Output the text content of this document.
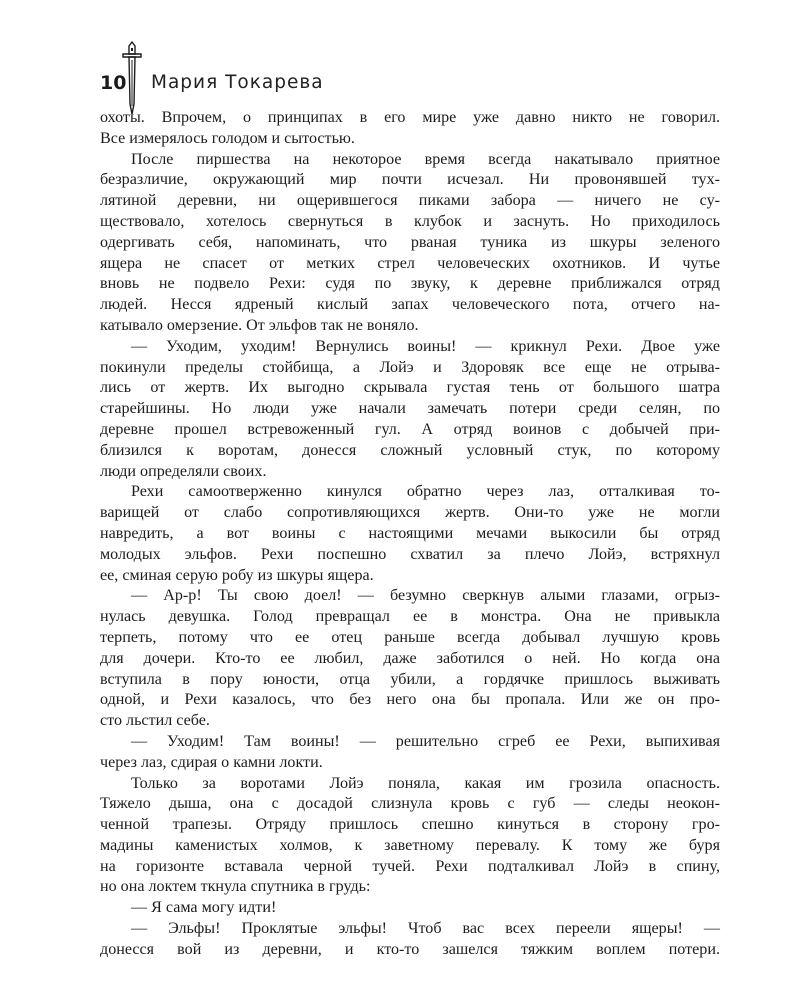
10 Мария Токарева
охоты. Впрочем, о принципах в его мире уже давно никто не говорил.
Все измерялось голодом и сытостью.
После пиршества на некоторое время всегда накатывало приятное
безразличие, окружающий мир почти исчезал. Ни провонявшей тух-
лятиной деревни, ни ощерившегося пиками забора — ничего не су-
ществовало, хотелось свернуться в клубок и заснуть. Но приходилось
одергивать себя, напоминать, что рваная туника из шкуры зеленого
ящера не спасет от метких стрел человеческих охотников. И чутье
вновь не подвело Рехи: судя по звуку, к деревне приближался отряд
людей. Несся ядреный кислый запах человеческого пота, отчего на-
катывало омерзение. От эльфов так не воняло.
— Уходим, уходим! Вернулись воины! — крикнул Рехи. Двое уже
покинули пределы стойбища, а Лойэ и Здоровяк все еще не отрыва-
лись от жертв. Их выгодно скрывала густая тень от большого шатра
старейшины. Но люди уже начали замечать потери среди селян, по
деревне прошел встревоженный гул. А отряд воинов с добычей при-
близился к воротам, донесся сложный условный стук, по которому
люди определяли своих.
Рехи самоотверженно кинулся обратно через лаз, отталкивая то-
варищей от слабо сопротивляющихся жертв. Они-то уже не могли
навредить, а вот воины с настоящими мечами выкосили бы отряд
молодых эльфов. Рехи поспешно схватил за плечо Лойэ, встряхнул
ее, сминая серую робу из шкуры ящера.
— Ар-р! Ты свою доел! — безумно сверкнув алыми глазами, огрыз-
нулась девушка. Голод превращал ее в монстра. Она не привыкла
терпеть, потому что ее отец раньше всегда добывал лучшую кровь
для дочери. Кто-то ее любил, даже заботился о ней. Но когда она
вступила в пору юности, отца убили, а гордячке пришлось выживать
одной, и Рехи казалось, что без него она бы пропала. Или же он про-
сто льстил себе.
— Уходим! Там воины! — решительно сгреб ее Рехи, выпихивая
через лаз, сдирая о камни локти.
Только за воротами Лойэ поняла, какая им грозила опасность.
Тяжело дыша, она с досадой слизнула кровь с губ — следы неокон-
ченной трапезы. Отряду пришлось спешно кинуться в сторону гро-
мадины каменистых холмов, к заветному перевалу. К тому же буря
на горизонте вставала черной тучей. Рехи подталкивал Лойэ в спину,
но она локтем ткнула спутника в грудь:
— Я сама могу идти!
— Эльфы! Проклятые эльфы! Чтоб вас всех переели ящеры! —
донесся вой из деревни, и кто-то зашелся тяжким воплем потери.
